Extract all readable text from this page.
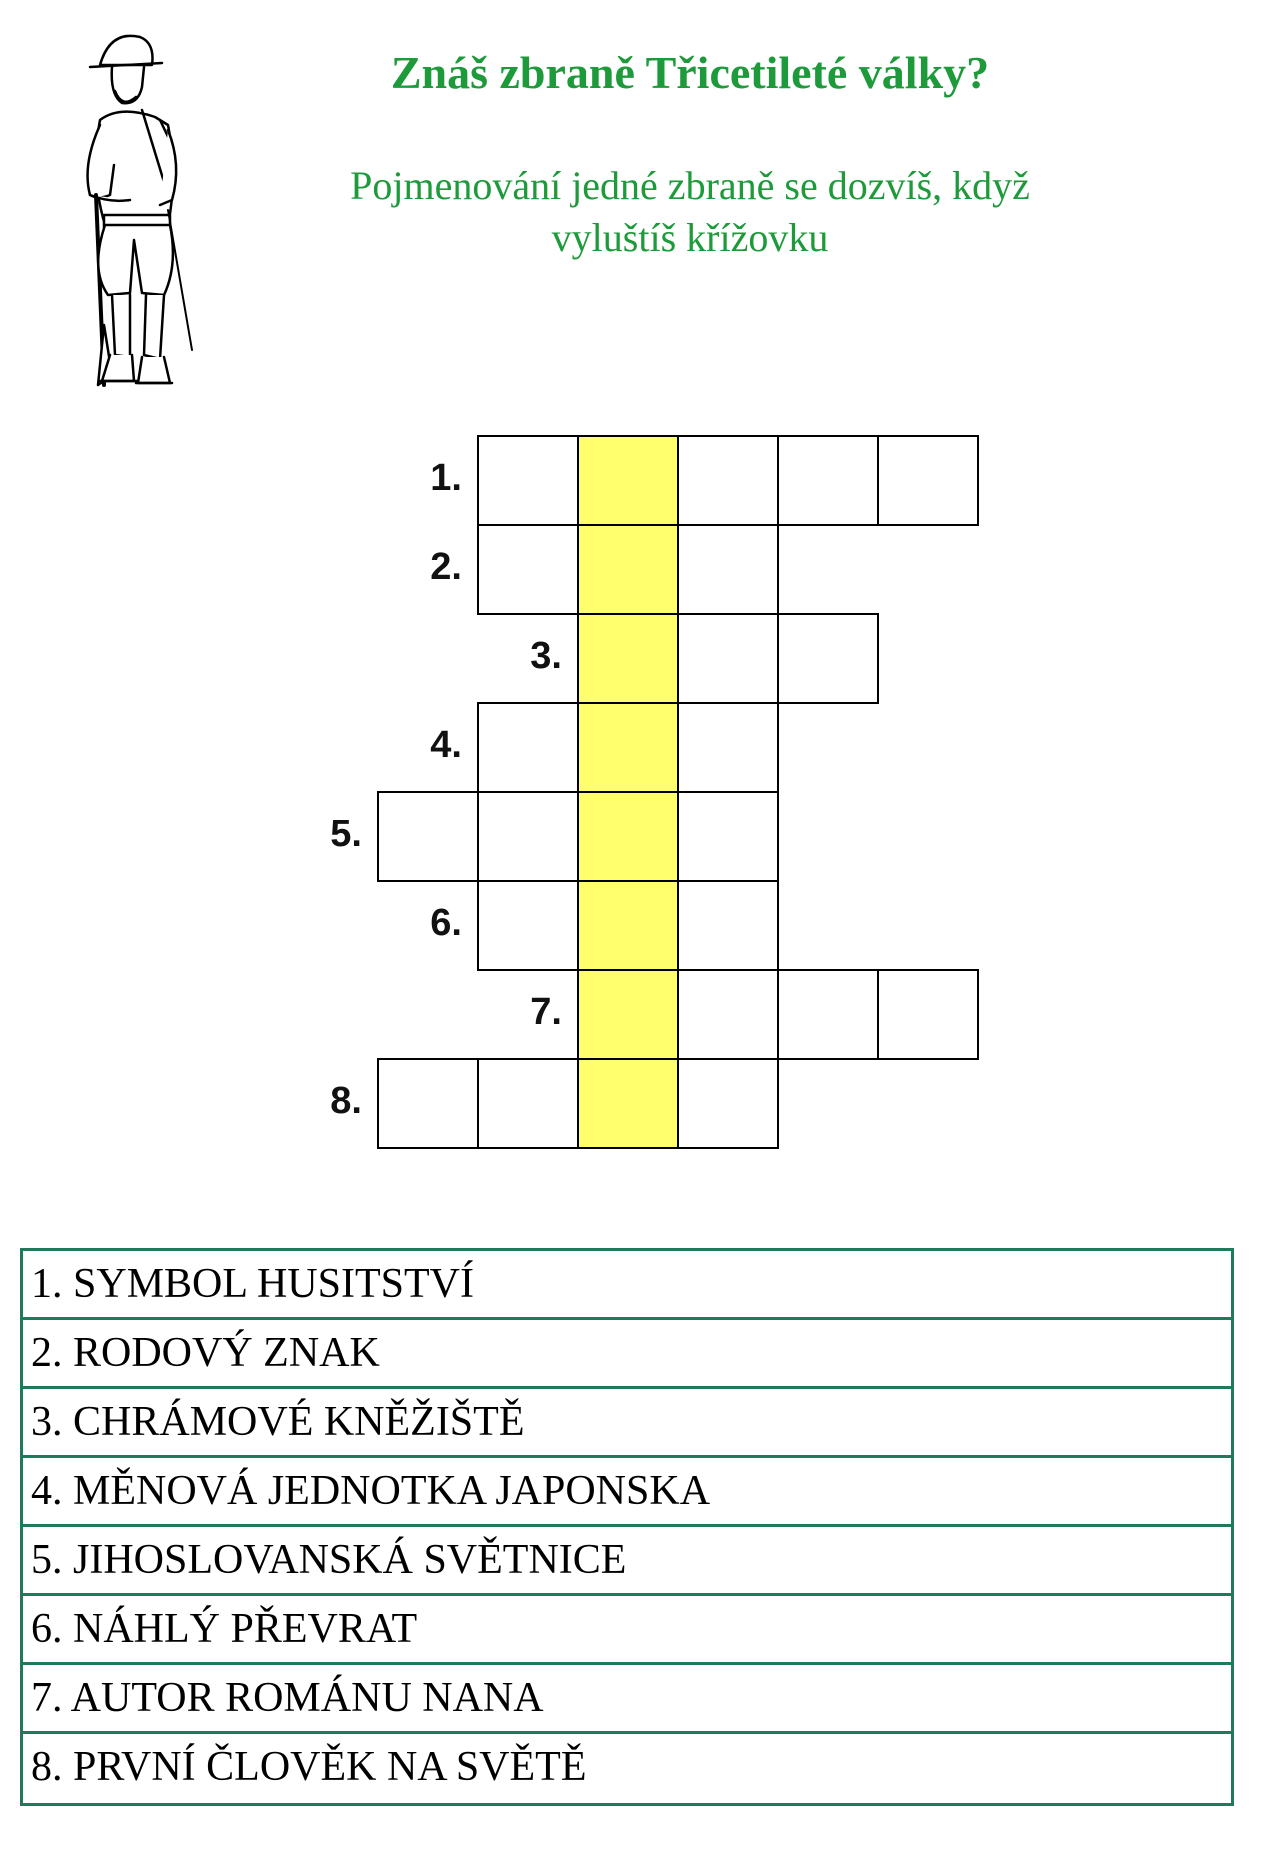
Znáš zbraně Třicetileté války?
Pojmenování jedné zbraně se dozvíš, když
vyluštíš křížovku
1.
2.
3.
4.
5.
6.
7.
8.
1. SYMBOL HUSITSTVÍ
2. RODOVÝ ZNAK
3. CHRÁMOVÉ KNĚŽIŠTĚ
4. MĚNOVÁ JEDNOTKA JAPONSKA
5. JIHOSLOVANSKÁ SVĚTNICE
6. NÁHLÝ PŘEVRAT
7. AUTOR ROMÁNU NANA
8. PRVNÍ ČLOVĚK NA SVĚTĚ
